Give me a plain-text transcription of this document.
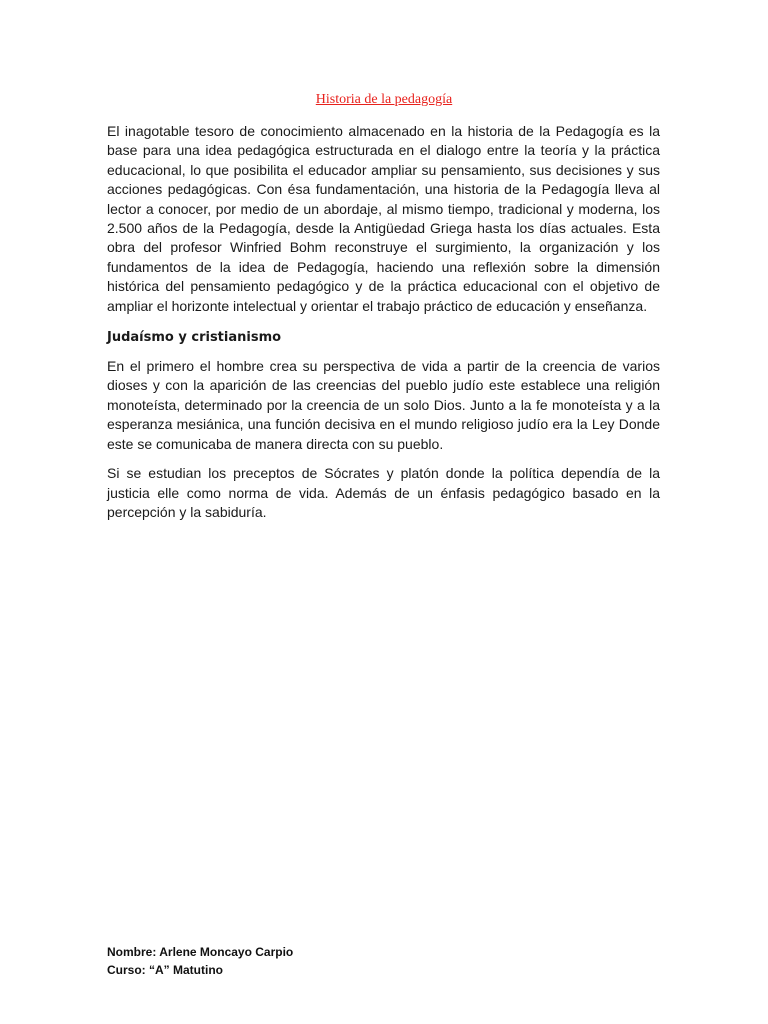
Historia de la pedagogía

El inagotable tesoro de conocimiento almacenado en la historia de la Pedagogía es la base para una idea pedagógica estructurada en el dialogo entre la teoría y la práctica educacional, lo que posibilita el educador ampliar su pensamiento, sus decisiones y sus acciones pedagógicas. Con ésa fundamentación, una historia de la Pedagogía lleva al lector a conocer, por medio de un abordaje, al mismo tiempo, tradicional y moderna, los 2.500 años de la Pedagogía, desde la Antigüedad Griega hasta los días actuales. Esta obra del profesor Winfried Bohm reconstruye el surgimiento, la organización y los fundamentos de la idea de Pedagogía, haciendo una reflexión sobre la dimensión histórica del pensamiento pedagógico y de la práctica educacional con el objetivo de ampliar el horizonte intelectual y orientar el trabajo práctico de educación y enseñanza.

Judaísmo y cristianismo

En el primero el hombre crea su perspectiva de vida a partir de la creencia de varios dioses y con la aparición de las creencias del pueblo judío este establece una religión monoteísta, determinado por la creencia de un solo Dios. Junto a la fe monoteísta y a la esperanza mesiánica, una función decisiva en el mundo religioso judío era la Ley Donde este se comunicaba de manera directa con su pueblo.

Si se estudian los preceptos de Sócrates y platón donde la política dependía de la justicia elle como norma de vida. Además de un énfasis pedagógico basado en la percepción y la sabiduría.

Nombre: Arlene Moncayo Carpio
Curso: “A” Matutino
